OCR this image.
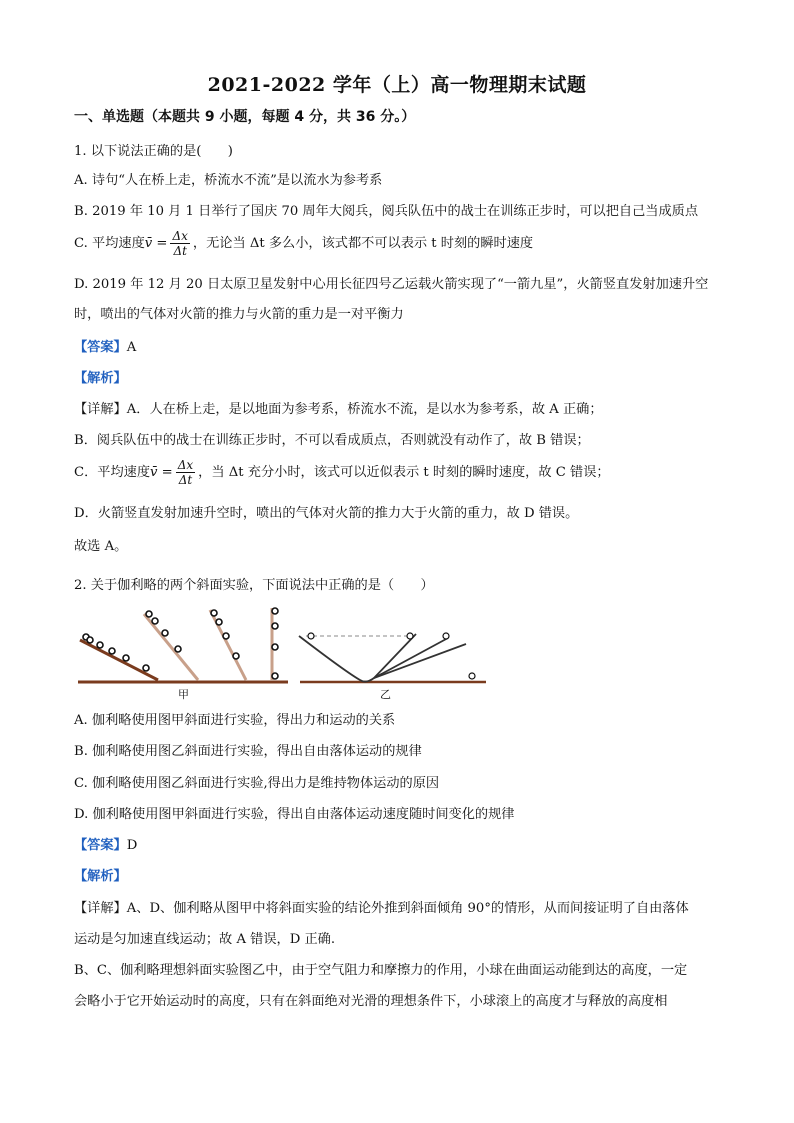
2021-2022 学年（上）高一物理期末试题
一、单选题（本题共 9 小题，每题 4 分，共 36 分。）
1. 以下说法正确的是(　　)
A. 诗句“人在桥上走，桥流水不流”是以流水为参考系
B. 2019 年 10 月 1 日举行了国庆 70 周年大阅兵，阅兵队伍中的战士在训练正步时，可以把自己当成质点
C. 平均速度v̄ = $\frac{\Delta x}{\Delta t}$ ，无论当 Δt 多么小，该式都不可以表示 t 时刻的瞬时速度
D. 2019 年 12 月 20 日太原卫星发射中心用长征四号乙运载火箭实现了“一箭九星”，火箭竖直发射加速升空
时，喷出的气体对火箭的推力与火箭的重力是一对平衡力
【答案】A
【解析】
【详解】A．人在桥上走，是以地面为参考系，桥流水不流，是以水为参考系，故 A 正确；
B．阅兵队伍中的战士在训练正步时，不可以看成质点，否则就没有动作了，故 B 错误；
C．平均速度v̄ = $\frac{\Delta x}{\Delta t}$ ，当 Δt 充分小时，该式可以近似表示 t 时刻的瞬时速度，故 C 错误；
D．火箭竖直发射加速升空时，喷出的气体对火箭的推力大于火箭的重力，故 D 错误。
故选 A。
2. 关于伽利略的两个斜面实验，下面说法中正确的是（　　）
甲	乙
A. 伽利略使用图甲斜面进行实验，得出力和运动的关系
B. 伽利略使用图乙斜面进行实验，得出自由落体运动的规律
C. 伽利略使用图乙斜面进行实验,得出力是维持物体运动的原因
D. 伽利略使用图甲斜面进行实验，得出自由落体运动速度随时间变化的规律
【答案】D
【解析】
【详解】A、D、伽利略从图甲中将斜面实验的结论外推到斜面倾角 90°的情形，从而间接证明了自由落体
运动是匀加速直线运动；故 A 错误，D 正确.
B、C、伽利略理想斜面实验图乙中，由于空气阻力和摩擦力的作用，小球在曲面运动能到达的高度，一定
会略小于它开始运动时的高度，只有在斜面绝对光滑的理想条件下，小球滚上的高度才与释放的高度相
